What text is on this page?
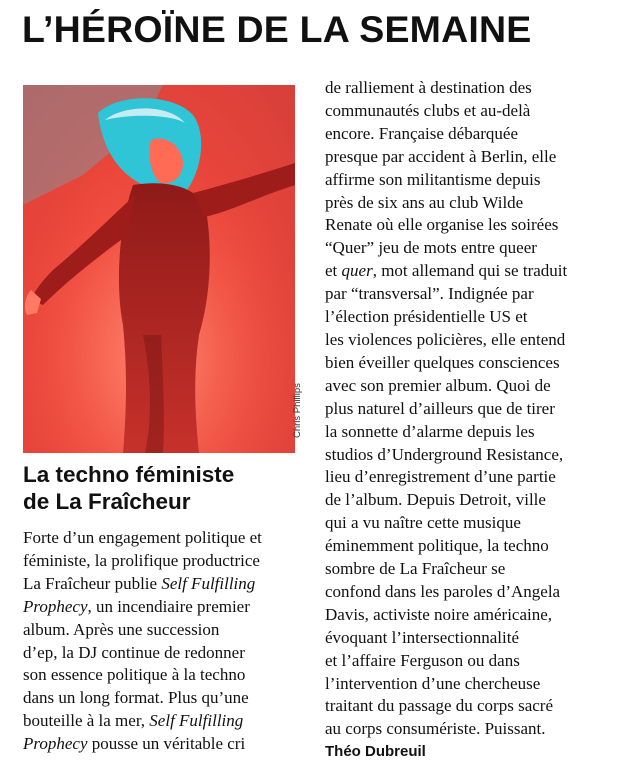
L’HÉROÏNE DE LA SEMAINE
Chris Phillips
La techno féministe
de La Fraîcheur
Forte d’un engagement politique et
féministe, la prolifique productrice
La Fraîcheur publie Self Fulfilling
Prophecy, un incendiaire premier
album. Après une succession
d’ep, la DJ continue de redonner
son essence politique à la techno
dans un long format. Plus qu’une
bouteille à la mer, Self Fulfilling
Prophecy pousse un véritable cri
de ralliement à destination des
communautés clubs et au-delà
encore. Française débarquée
presque par accident à Berlin, elle
affirme son militantisme depuis
près de six ans au club Wilde
Renate où elle organise les soirées
“Quer” jeu de mots entre queer
et quer, mot allemand qui se traduit
par “transversal”. Indignée par
l’élection présidentielle US et
les violences policières, elle entend
bien éveiller quelques consciences
avec son premier album. Quoi de
plus naturel d’ailleurs que de tirer
la sonnette d’alarme depuis les
studios d’Underground Resistance,
lieu d’enregistrement d’une partie
de l’album. Depuis Detroit, ville
qui a vu naître cette musique
éminemment politique, la techno
sombre de La Fraîcheur se
confond dans les paroles d’Angela
Davis, activiste noire américaine,
évoquant l’intersectionnalité
et l’affaire Ferguson ou dans
l’intervention d’une chercheuse
traitant du passage du corps sacré
au corps consumériste. Puissant.
Théo Dubreuil
